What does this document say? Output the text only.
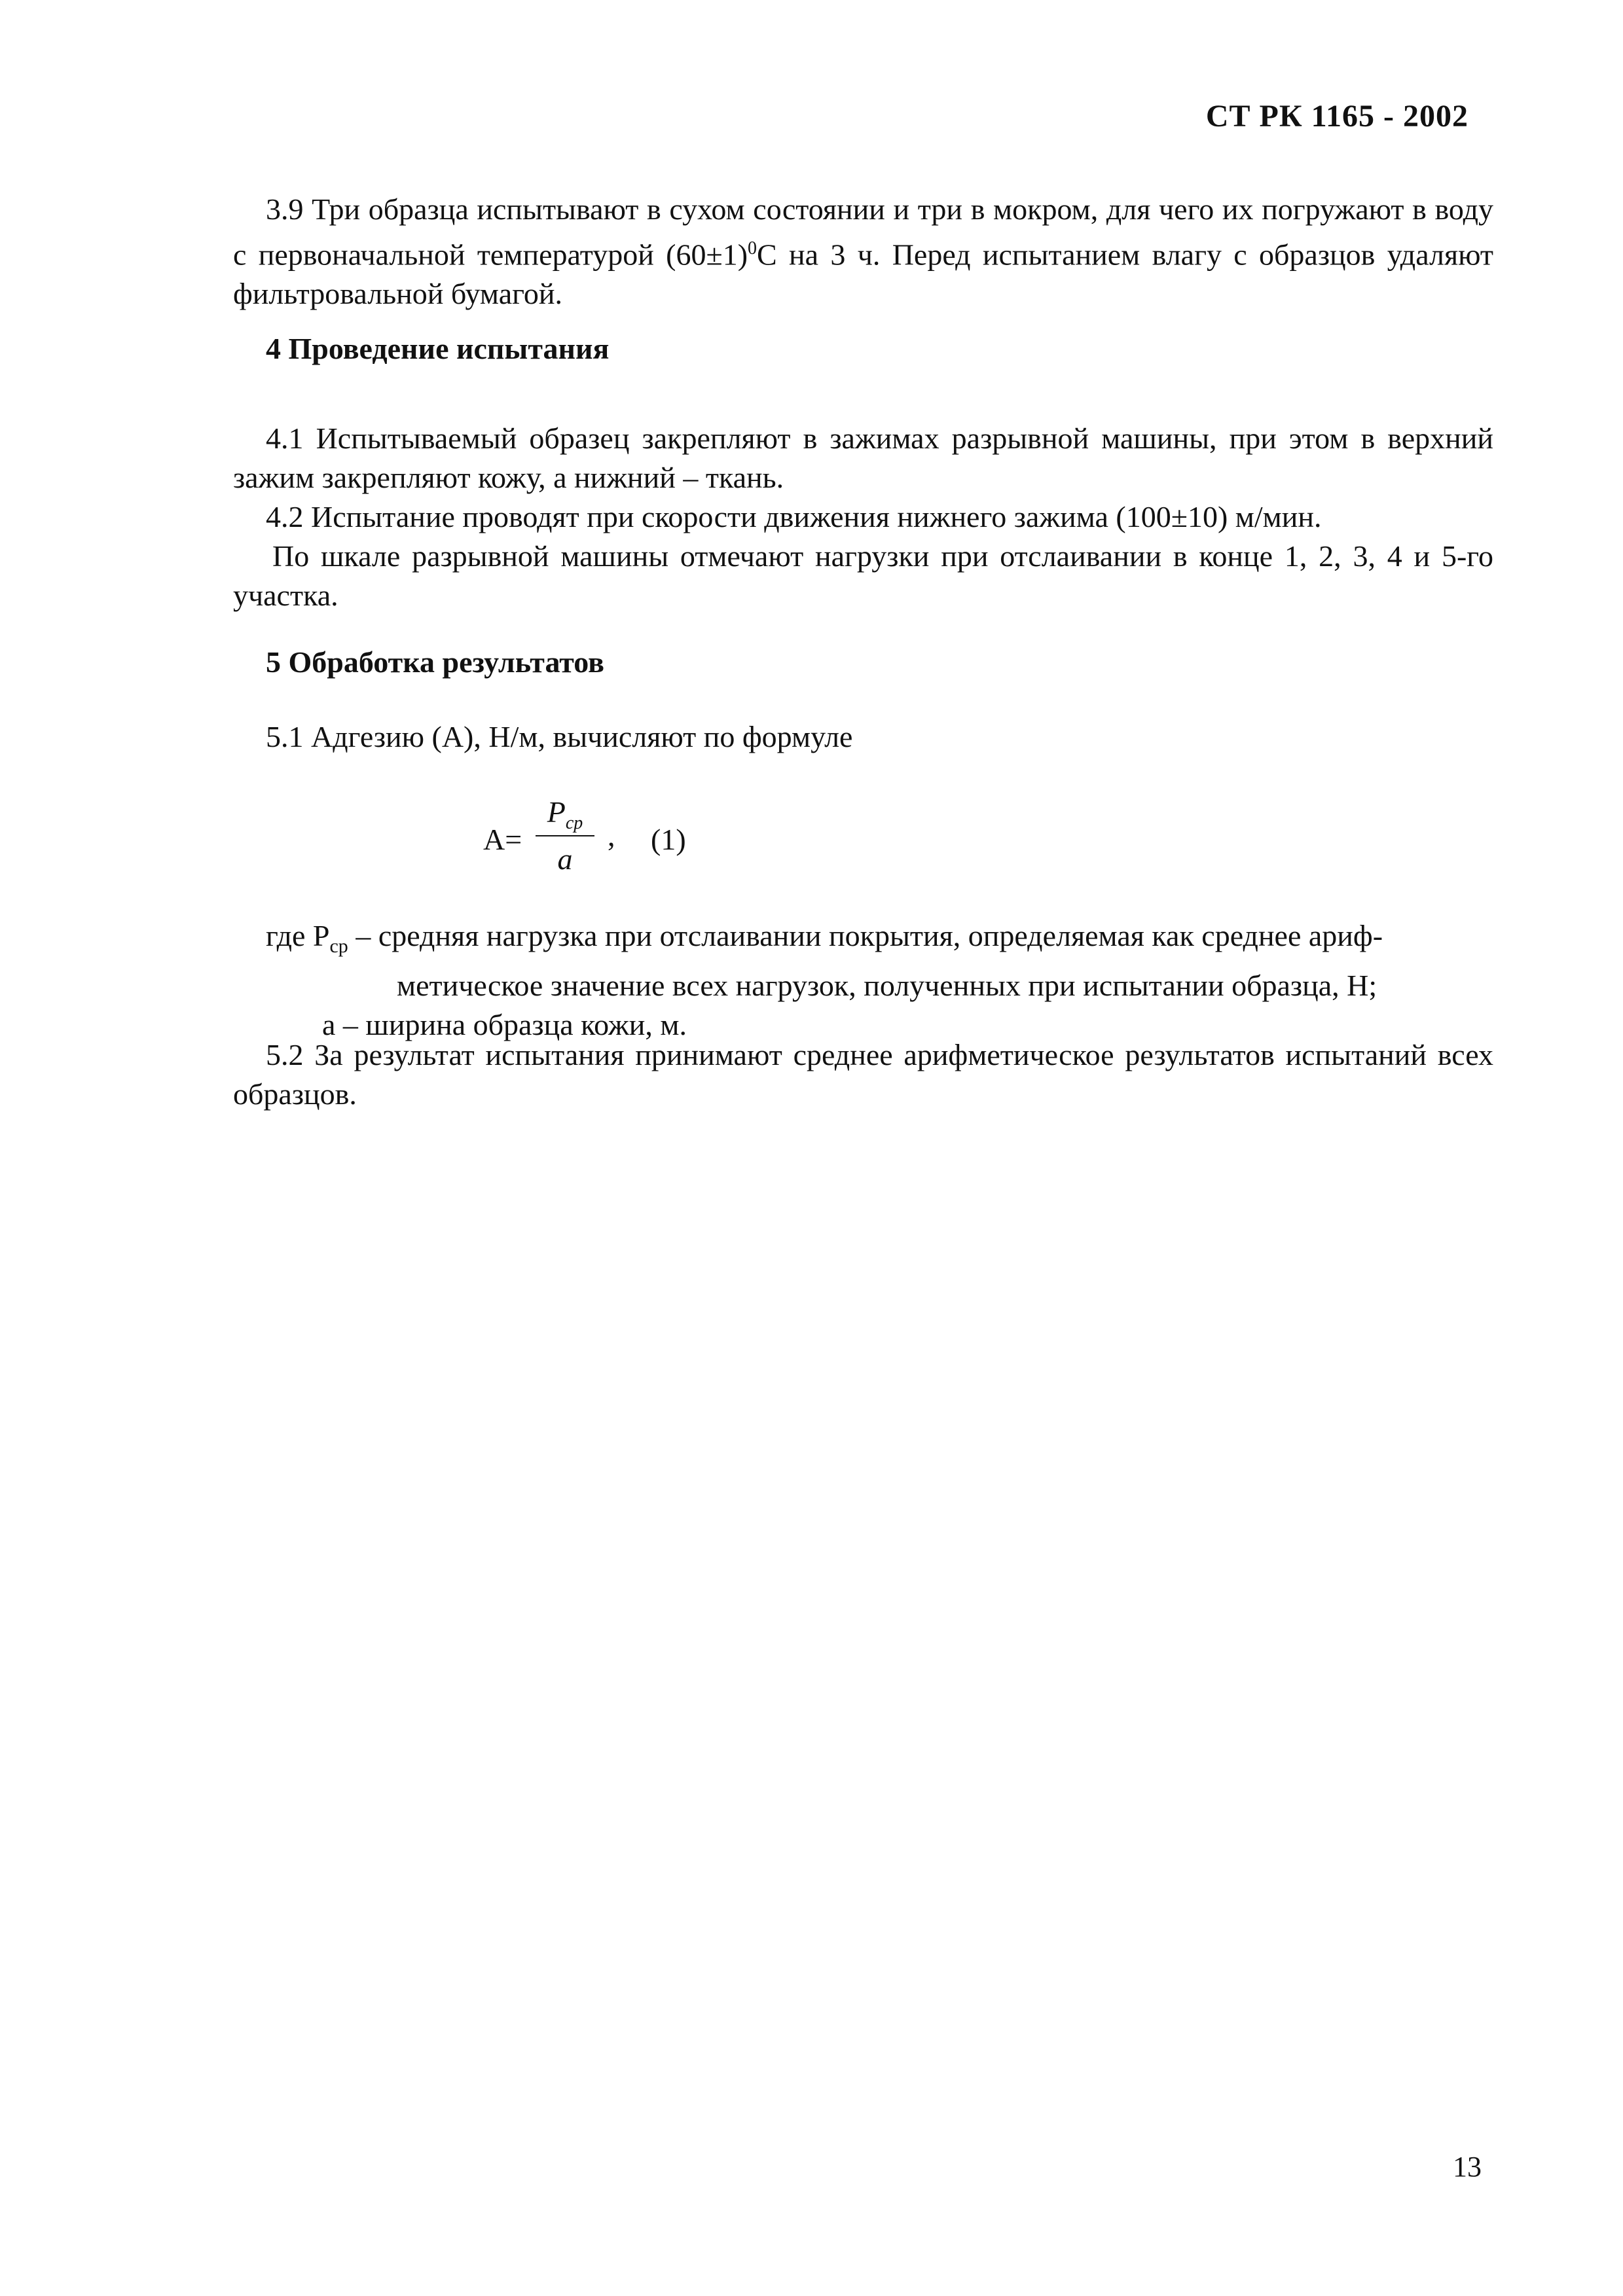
СТ РК 1165 - 2002

3.9 Три образца испытывают в сухом состоянии и три в мокром, для чего их погружают в воду с первоначальной температурой $(60\pm 1)^0С$ на 3 ч. Перед испытанием влагу с образцов удаляют фильтровальной бумагой.

4 Проведение испытания

4.1 Испытываемый образец закрепляют в зажимах разрывной машины, при этом в верхний зажим закрепляют кожу, а нижний – ткань.

4.2 Испытание проводят при скорости движения нижнего зажима (100±10) м/мин.

По шкале разрывной машины отмечают нагрузки при отслаивании в конце 1, 2, 3, 4 и 5-го участка.

5 Обработка результатов

5.1 Адгезию (А), Н/м, вычисляют по формуле

А=
$P_{ср}$
a
, (1)
где $Р_{ср}$ – средняя нагрузка при отслаивании покрытия, определяемая как среднее ариф-
метическое значение всех нагрузок, полученных при испытании образца, Н;
а – ширина образца кожи, м.

5.2 За результат испытания принимают среднее арифметическое результатов испытаний всех образцов.

13
